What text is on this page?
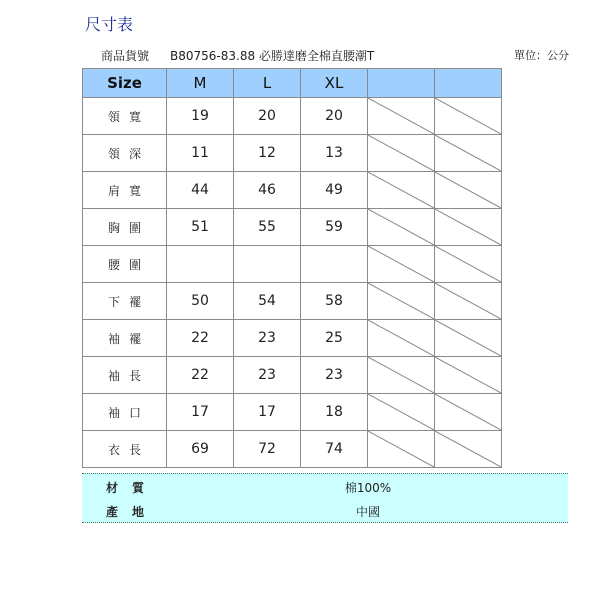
尺寸表
商品貨號 B80756-83.88 必勝達磨全棉直腰潮T	單位：公分
Size	M	L	XL		
領寬	19	20	20	

領深	11	12	13	

肩寬	44	46	49	

胸圍	51	55	59	

腰圍				

下襬	50	54	58	

袖襬	22	23	25	

袖長	22	23	23	

袖口	17	17	18	

衣長	69	72	74	

材質	棉100%
產地	中國
